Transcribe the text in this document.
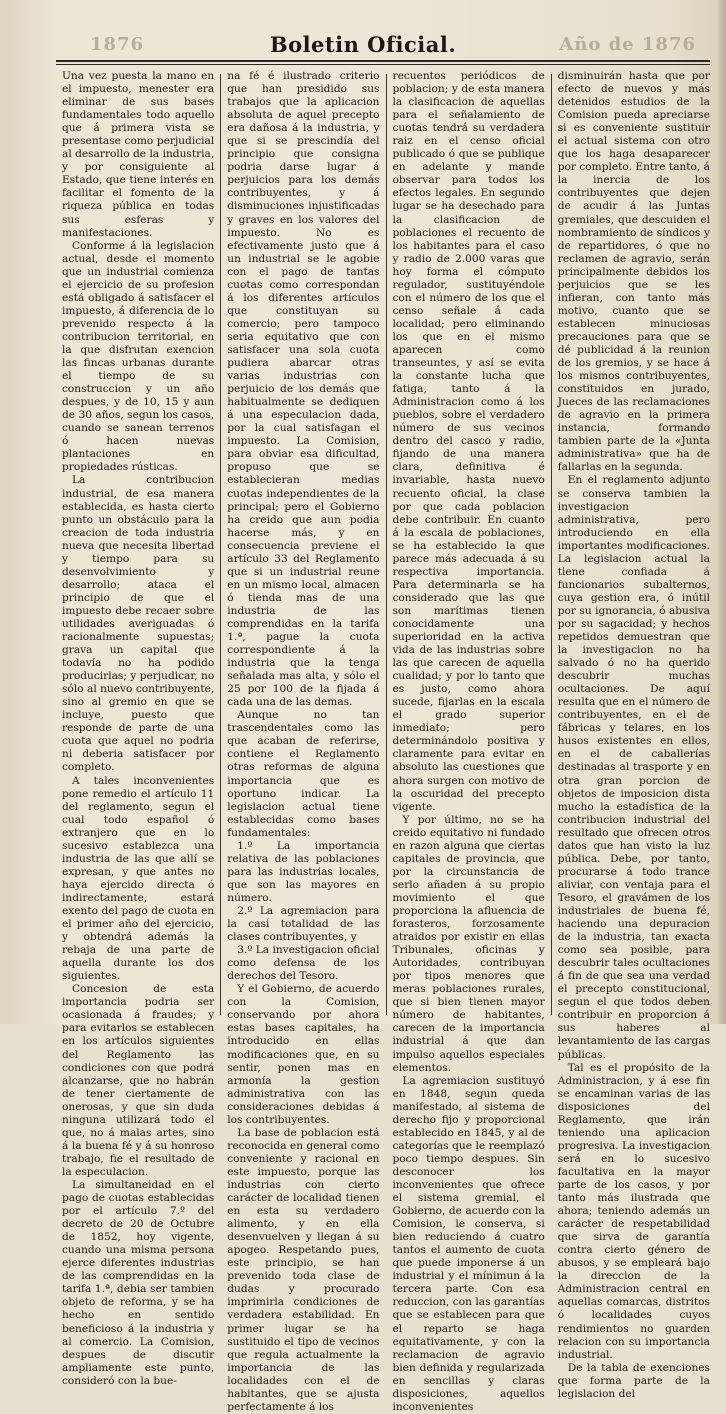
1876	Año de 1876
Boletin Oficial.

Una vez puesta la mano en el impuesto, menester era eliminar de sus bases fundamentales todo aquello que á primera vista se presentase como perjudicial al desarrollo de la industria, y por consiguiente al Estado, que tiene interés en facilitar el fomento de la riqueza pública en todas sus esferas y manifestaciones.

Conforme á la legislacion actual, desde el momento que un industrial comienza el ejercicio de su profesion está obligado á satisfacer el impuesto, á diferencia de lo prevenido respecto á la contribucion territorial, en la que disfrutan exencion las fincas urbanas durante el tiempo de su construccion y un año despues, y de 10, 15 y aun de 30 años, segun los casos, cuando se sanean terrenos ó hacen nuevas plantaciones en propiedades rústicas.

La contribucion industrial, de esa manera establecida, es hasta cierto punto un obstáculo para la creacion de toda industria nueva que necesita libertad y tiempo para su desenvolvimiento y desarrollo; ataca el principio de que el impuesto debe recaer sobre utilidades averiguadas ó racionalmente supuestas; grava un capital que todavía no ha podido producirlas; y perjudicar, no sólo al nuevo contribuyente, sino al gremio en que se incluye, puesto que responde de parte de una cuota que aquel no podria ni deberia satisfacer por completo.

A tales inconvenientes pone remedio el artículo 11 del reglamento, segun el cual todo español ó extranjero que en lo sucesivo establezca una industria de las que allí se expresan, y que antes no haya ejercido directa ó indirectamente, estará exento del pago de cuota en el primer año del ejercicio, y obtendrá además la rebaja de una parte de aquella durante los dos siguientes.

Concesion de esta importancia podria ser ocasionada á fraudes; y para evitarlos se establecen en los artículos siguientes del Reglamento las condiciones con que podrá alcanzarse, que no habrán de tener ciertamente de onerosas, y que sin duda ninguna utilizará todo el que, no á malas artes, sino á la buena fé y á su honroso trabajo, fie el resultado de la especulacion.

La simultaneidad en el pago de cuotas establecidas por el artículo 7.º del decreto de 20 de Octubre de 1852, hoy vigente, cuando una misma persona ejerce diferentes industrias de las comprendidas en la tarifa 1.ª, debia ser tambien objeto de reforma, y se ha hecho en sentido beneficioso á la industria y al comercio. La Comision, despues de discutir ampliamente este punto, consideró con la bue-

na fé é ilustrado criterio que han presidido sus trabajos que la aplicacion absoluta de aquel precepto era dañosa á la industria, y que si se prescindía del principio que consigna podria darse lugar á perjuicios para los demás contribuyentes, y á disminuciones injustificadas y graves en los valores del impuesto. No es efectivamente justo que á un industrial se le agobie con el pago de tantas cuotas como correspondan á los diferentes artículos que constituyan su comercio; pero tampoco seria equitativo que con satisfacer una sola cuota pudiera abarcar otras varias industrias con perjuicio de los demás que habitualmente se dediquen á una especulacion dada, por la cual satisfagan el impuesto. La Comision, para obviar esa dificultad, propuso que se establecieran medias cuotas independientes de la principal; pero el Gobierno ha creido que aun podia hacerse más, y en consecuencia previene el artículo 33 del Reglamento que si un industrial reune en un mismo local, almacen ó tienda mas de una industria de las comprendidas en la tarifa 1.ª, pague la cuota correspondiente á la industria que la tenga señalada mas alta, y sólo el 25 por 100 de la fijada á cada una de las demas.

Aunque no tan trascendentales como las que acaban de referirse, contiene el Reglamento otras reformas de alguna importancia que es oportuno indicar. La legislacion actual tiene establecidas como bases fundamentales:

1.º La importancia relativa de las poblaciones para las industrias locales, que son las mayores en número.

2.º La agremiacion para la casi totalidad de las clases contribuyentes, y

3.º La investigacion oficial como defensa de los derechos del Tesoro.

Y el Gobierno, de acuerdo con la Comision, conservando por ahora estas bases capitales, ha introducido en ellas modificaciones que, en su sentir, ponen mas en armonía la gestion administrativa con las consideraciones debidas á los contribuyentes.

La base de poblacion está reconocida en general como conveniente y racional en este impuesto, porque las industrias con cierto carácter de localidad tienen en esta su verdadero alimento, y en ella desenvuelven y llegan á su apogeo. Respetando pues, este principio, se han prevenido toda clase de dudas y procurado imprimirla condiciones de verdadera estabilidad. En primer lugar se ha sustituido el tipo de vecinos que regula actualmente la importancia de las localidades con el de habitantes, que se ajusta perfectamente á los

recuentos periódicos de poblacion; y de esta manera la clasificacion de aquellas para el señalamiento de cuotas tendrá su verdadera raiz en el censo oficial publicado ó que se publique en adelante y mande observar para todos los efectos legales. En segundo lugar se ha desechado para la clasificacion de poblaciones el recuento de los habitantes para el caso y radio de 2.000 varas que hoy forma el cómputo regulador, sustituyéndole con el número de los que el censo señale á cada localidad; pero eliminando los que en el mismo aparecen como transeuntes, y así se evita la constante lucha que fatiga, tanto á la Administracion como á los pueblos, sobre el verdadero número de sus vecinos dentro del casco y radio, fijando de una manera clara, definitiva é invariable, hasta nuevo recuento oficial, la clase por que cada poblacion debe contribuir. En cuanto á la escala de poblaciones, se ha establecido la que parece más adecuada á su respectiva importancia. Para determinarla se ha considerado que las que son marítimas tienen conocidamente una superioridad en la activa vida de las industrias sobre las que carecen de aquella cualidad; y por lo tanto que es justo, como ahora sucede, fijarlas en la escala el grado superior inmediato; pero determinándolo positiva y claramente para evitar en absoluto las cuestiones que ahora surgen con motivo de la oscuridad del precepto vigente.

Y por último, no se ha creido equitativo ni fundado en razon alguna que ciertas capitales de provincia, que por la circunstancia de serlo añaden á su propio movimiento el que proporciona la afluencia de forasteros, forzosamente atraidos por existir en ellas Tribunales, oficinas y Autoridades, contribuyan por tipos menores que meras poblaciones rurales, que si bien tienen mayor número de habitantes, carecen de la importancia industrial á que dan impulso aquellos especiales elementos.

La agremiacion sustituyó en 1848, segun queda manifestado, al sistema de derecho fijo y proporcional establecido en 1845, y al de categorías que le reemplazó poco tiempo despues. Sin desconocer los inconvenientes que ofrece el sistema gremial, el Gobierno, de acuerdo con la Comision, le conserva, si bien reduciendo á cuatro tantos el aumento de cuota que puede imponerse á un industrial y el mínimun á la tercera parte. Con esa reduccion, con las garantías que se establecen para que el reparto se haga equitativamente, y con la reclamacion de agravio bien definida y regularizada en sencillas y claras disposiciones, aquellos inconvenientes

disminuirán hasta que por efecto de nuevos y más detenidos estudios de la Comision pueda apreciarse si es conveniente sustituir el actual sistema con otro que los haga desaparecer por completo. Entre tanto, á la inercia de los contribuyentes que dejen de acudir á las Juntas gremiales, que descuiden el nombramiento de síndicos y de repartidores, ó que no reclamen de agravio, serán principalmente debidos los perjuicios que se les infieran, con tanto más motivo, cuanto que se establecen minuciosas precauciones para que se dé publicidad á la reunion de los gremios, y se hace á los mismos contribuyentes, constituidos en jurado, Jueces de las reclamaciones de agravio en la primera instancia, formando tambien parte de la «Junta administrativa» que ha de fallarlas en la segunda.

En el reglamento adjunto se conserva tambien la investigacion administrativa, pero introduciendo en ella importantes modificaciones. La legislacion actual la tiene confiada á funcionarios subalternos, cuya gestion era, ó inútil por su ignorancia, ó abusiva por su sagacidad; y hechos repetidos demuestran que la investigacion no ha salvado ó no ha querido descubrir muchas ocultaciones. De aquí resulta que en el número de contribuyentes, en el de fábricas y telares, en los husos existentes en ellos, en el de caballerías destinadas al trasporte y en otra gran porcion de objetos de imposicion dista mucho la estadística de la contribucion industrial del resultado que ofrecen otros datos que han visto la luz pública. Debe, por tanto, procurarse á todo trance aliviar, con ventaja para el Tesoro, el gravámen de los industriales de buena fé, haciendo una depuracion de la industria, tan exacta como sea posible, para descubrir tales ocultaciones á fin de que sea una verdad el precepto constitucional, segun el que todos deben contribuir en proporcion á sus haberes al levantamiento de las cargas públicas.

Tal es el propósito de la Administracion, y á ese fin se encaminan varias de las disposiciones del Reglamento, que irán teniendo una aplicacion progresiva. La investigacion será en lo sucesivo facultativa en la mayor parte de los casos, y por tanto más ilustrada que ahora; teniendo además un carácter de respetabilidad que sirva de garantía contra cierto género de abusos, y se empleará bajo la direccion de la Administracion central en aquellas comarcas, distritos ó localidades cuyos rendimientos no guarden relacion con su importancia industrial.

De la tabla de exenciones que forma parte de la legislacion del
